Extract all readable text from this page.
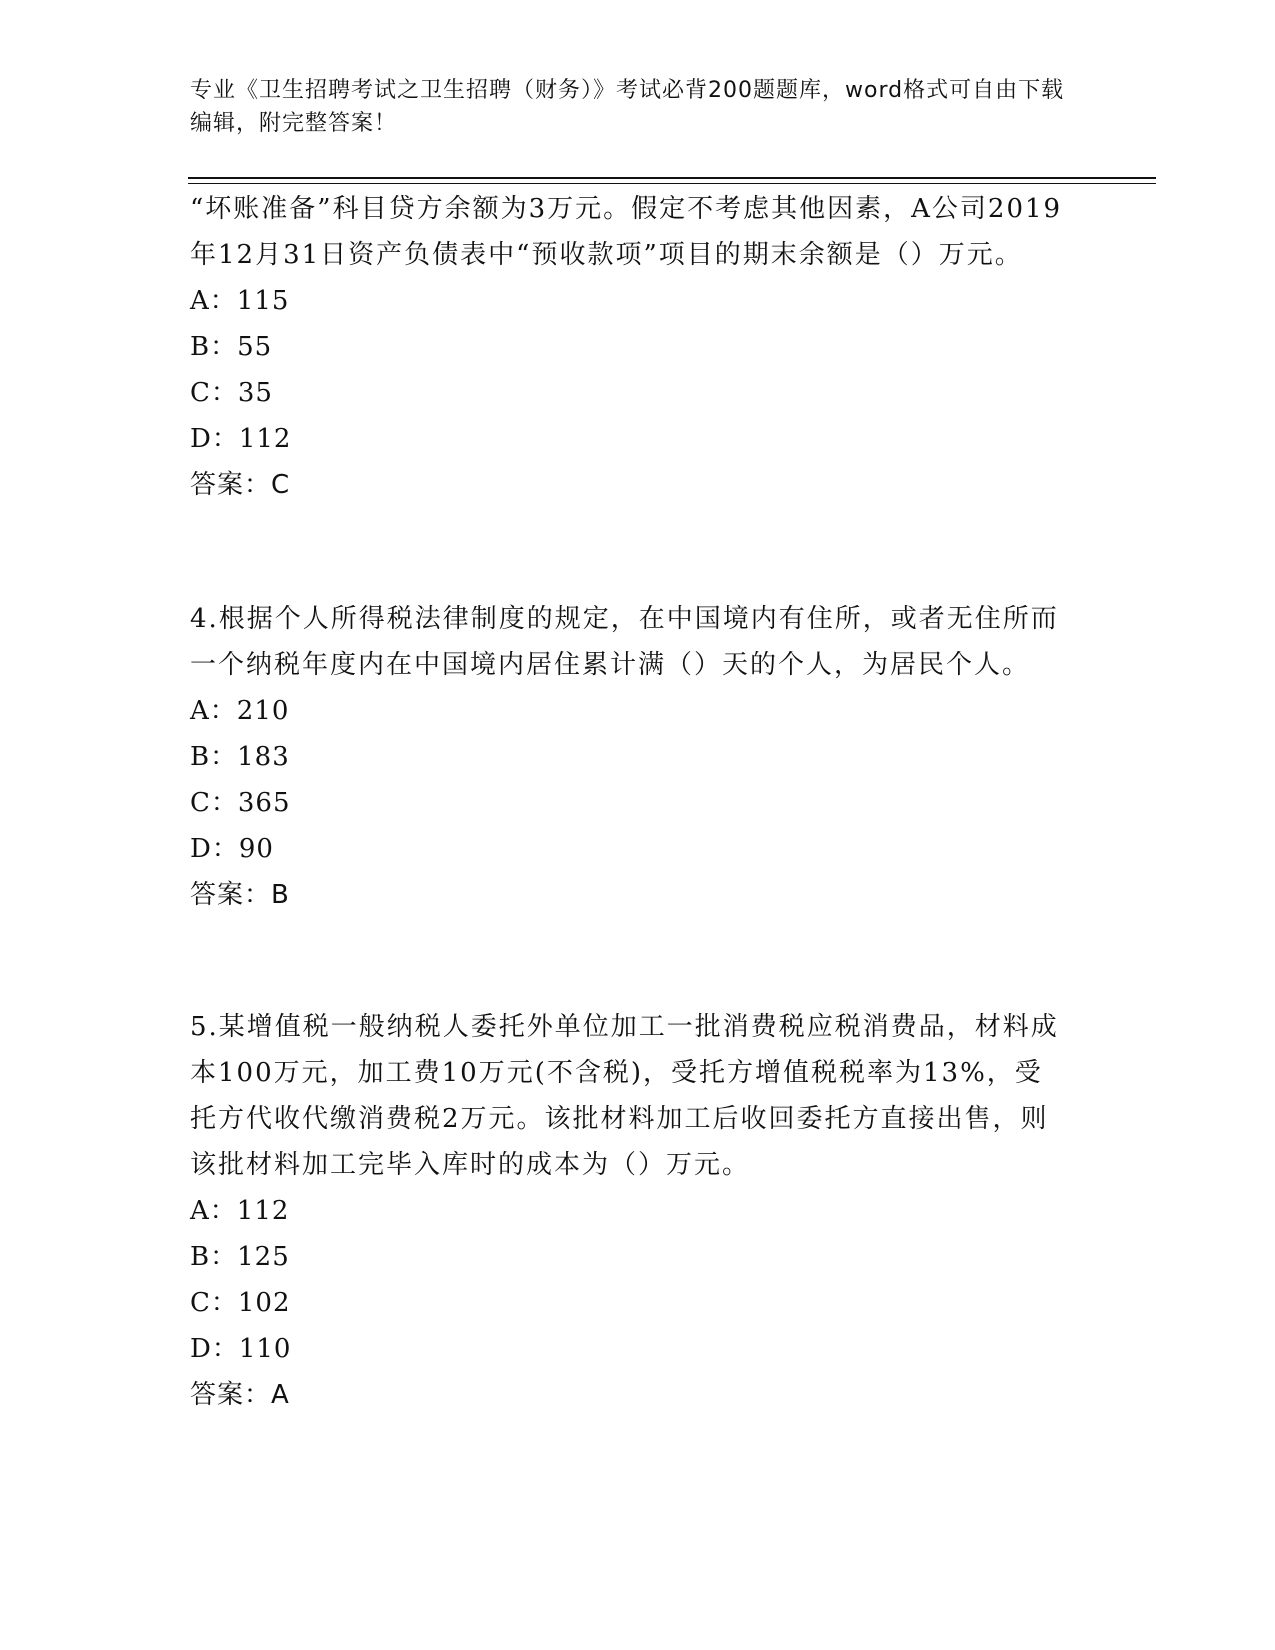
专业《卫生招聘考试之卫生招聘（财务）》考试必背200题题库，word格式可自由下载编辑，附完整答案！
“坏账准备”科目贷方余额为3万元。假定不考虑其他因素，A公司2019年12月31日资产负债表中“预收款项”项目的期末余额是（）万元。
A：115
B：55
C：35
D：112
答案：C
4.根据个人所得税法律制度的规定，在中国境内有住所，或者无住所而一个纳税年度内在中国境内居住累计满（）天的个人，为居民个人。
A：210
B：183
C：365
D：90
答案：B
5.某增值税一般纳税人委托外单位加工一批消费税应税消费品，材料成本100万元，加工费10万元(不含税)，受托方增值税税率为13%，受托方代收代缴消费税2万元。该批材料加工后收回委托方直接出售，则该批材料加工完毕入库时的成本为（）万元。
A：112
B：125
C：102
D：110
答案：A
